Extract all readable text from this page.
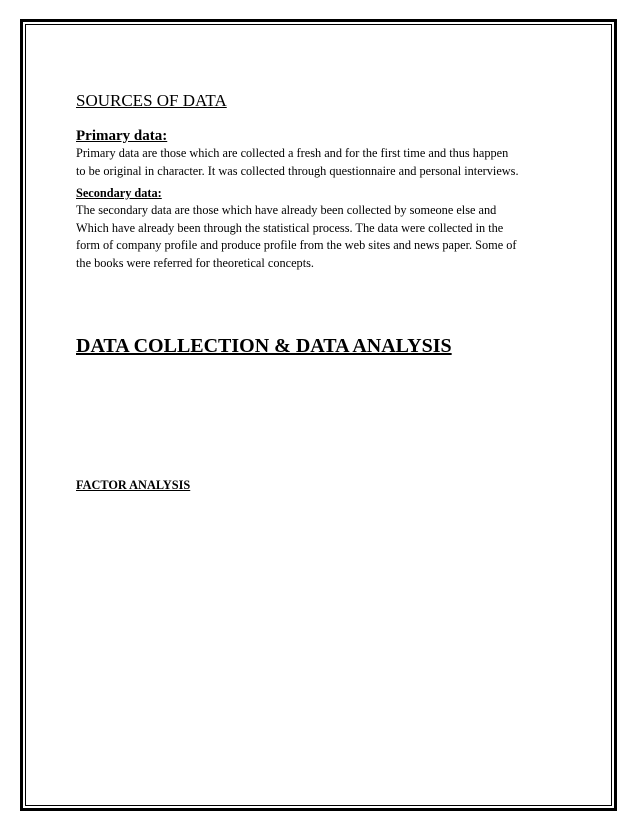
SOURCES OF DATA
Primary data:

Primary data are those which are collected a fresh and for the first time and thus happen
to be original in character. It was collected through questionnaire and personal interviews.

Secondary data:

The secondary data are those which have already been collected by someone else and
Which have already been through the statistical process. The data were collected in the
form of company profile and produce profile from the web sites and news paper. Some of
the books were referred for theoretical concepts.

DATA COLLECTION & DATA ANALYSIS
FACTOR ANALYSIS
